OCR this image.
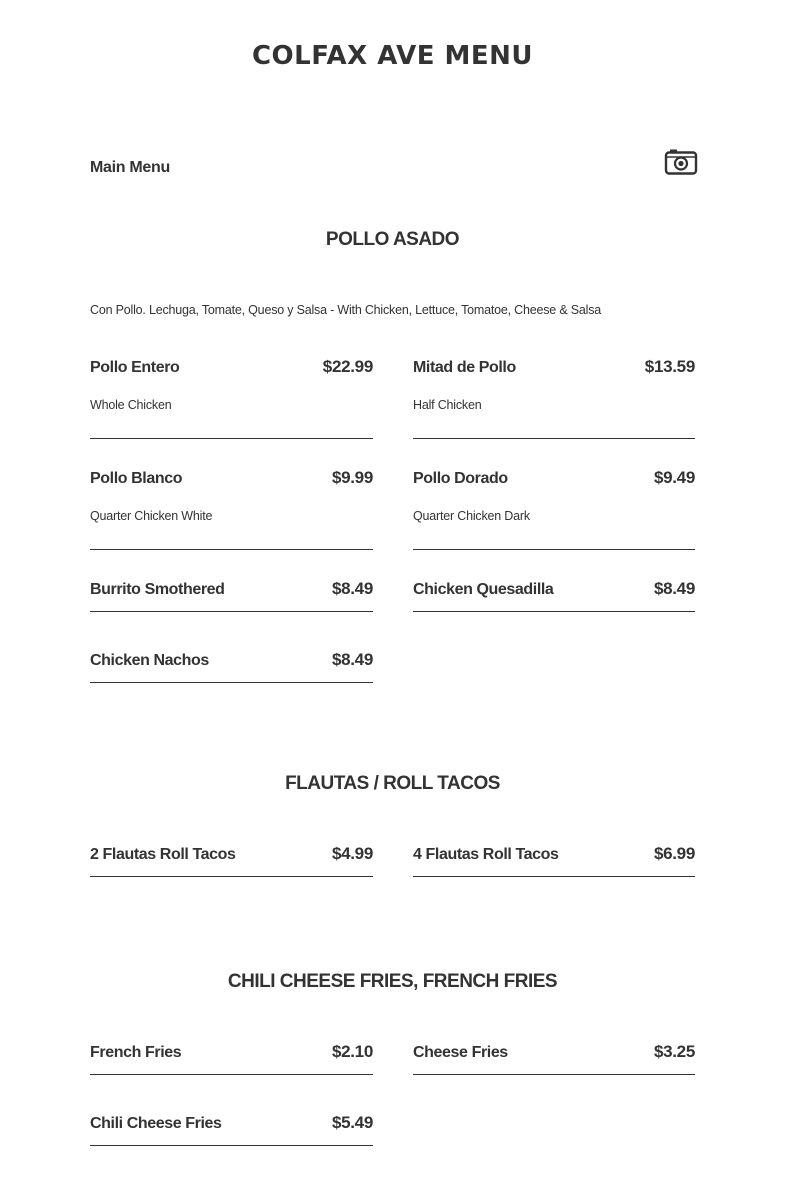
COLFAX AVE MENU
Main Menu
POLLO ASADO
Con Pollo. Lechuga, Tomate, Queso y Salsa - With Chicken, Lettuce, Tomatoe, Cheese & Salsa
Pollo Entero	$22.99
Whole Chicken
Mitad de Pollo	$13.59
Half Chicken
Pollo Blanco	$9.99
Quarter Chicken White
Pollo Dorado	$9.49
Quarter Chicken Dark
Burrito Smothered	$8.49	Chicken Quesadilla	$8.49
Chicken Nachos	$8.49
FLAUTAS / ROLL TACOS
2 Flautas Roll Tacos	$4.99	4 Flautas Roll Tacos	$6.99
CHILI CHEESE FRIES, FRENCH FRIES
French Fries	$2.10	Cheese Fries	$3.25
Chili Cheese Fries	$5.49
